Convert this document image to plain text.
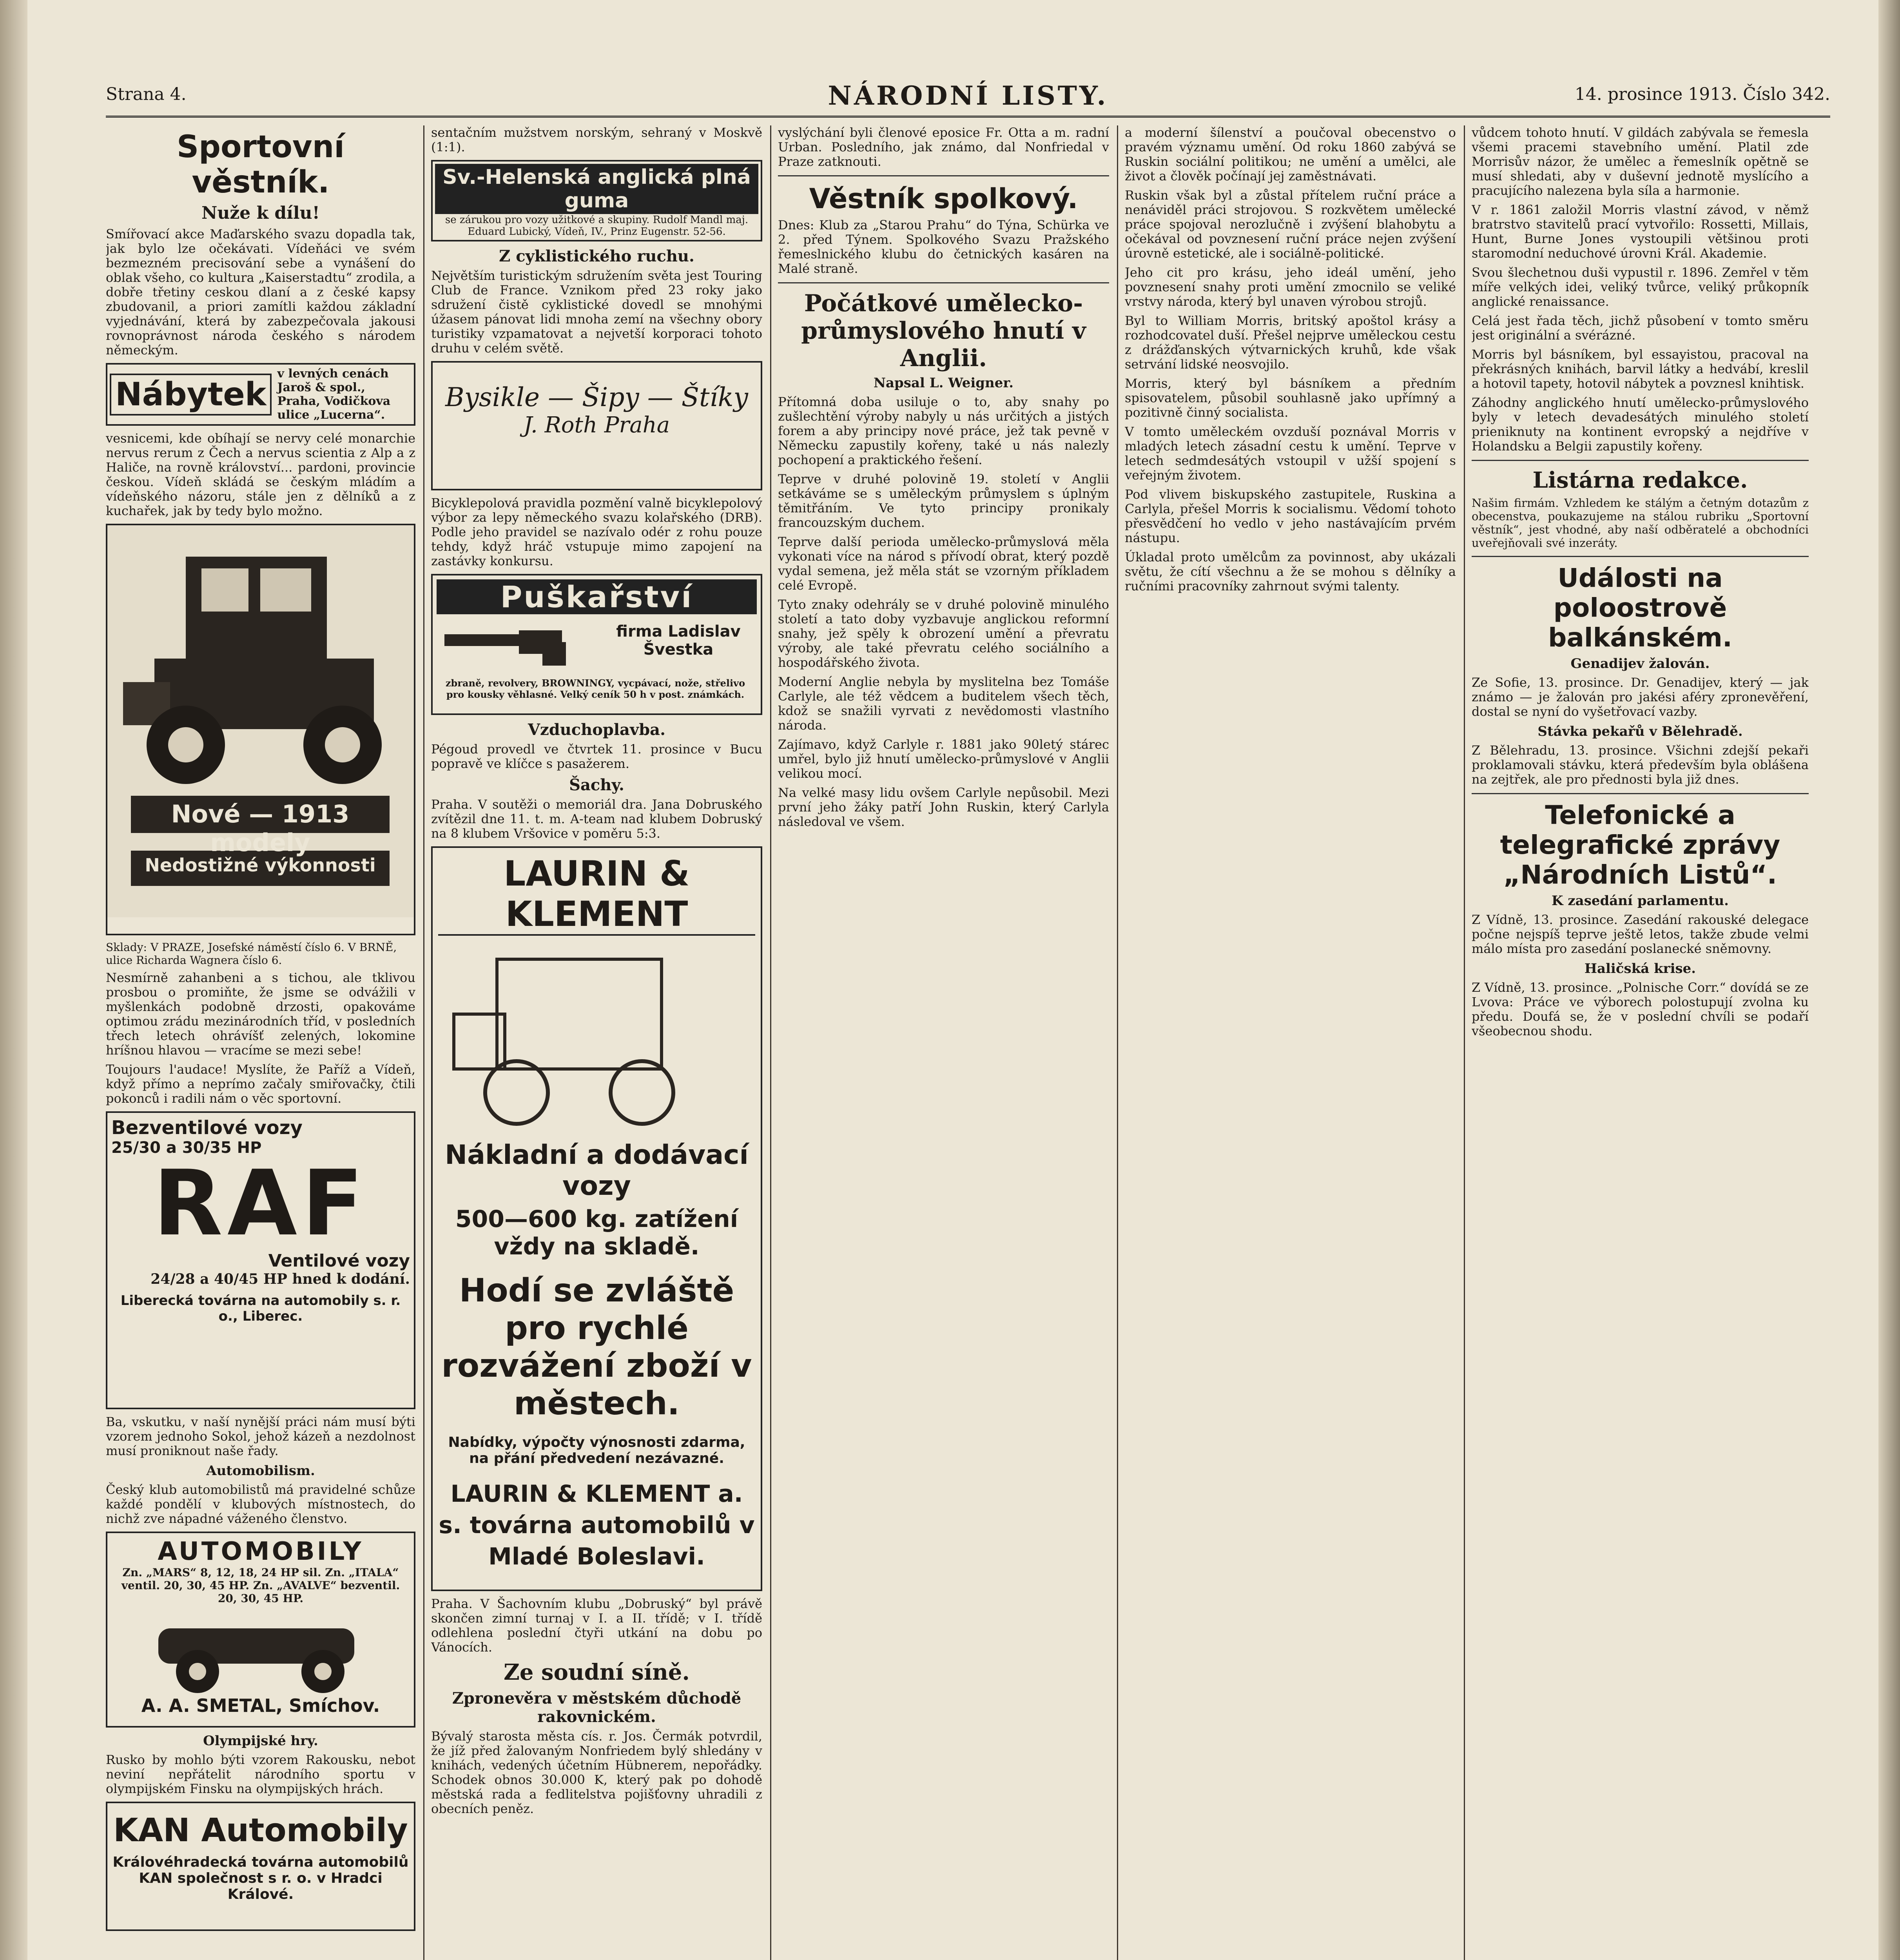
Strana 4.	NÁRODNÍ LISTY.	14. prosince 1913. Číslo 342.
Sportovní věstník.
Nuže k dílu!

Smířovací akce Maďarského svazu dopadla tak, jak bylo lze očekávati. Vídeňáci ve svém bezmezném precisování sebe a vynášení do oblak všeho, co kultura „Kaiserstadtu“ zrodila, a dobře třetiny ceskou dlaní a z české kapsy zbudovanil, a priori zamítli každou základní vyjednávání, která by zabezpečovala jakousi rovnoprávnost národa českého s národem německým.

Nábytek
v levných cenách Jaroš & spol., Praha, Vodičkova ulice „Lucerna“.

vesnicemi, kde obíhají se nervy celé monarchie nervus rerum z Čech a nervus scientia z Alp a z Haliče, na rovně království... pardoni, provincie českou. Vídeň skládá se českým mládím a vídeňského názoru, stále jen z dělníků a z kuchařek, jak by tedy bylo možno.

Nové — 1913 modely
Nedostižné výkonnosti
Sklady: V PRAZE, Josefské náměstí číslo 6. V BRNĚ, ulice Richarda Wagnera číslo 6.

Nesmírně zahanbeni a s tichou, ale tklivou prosbou o promiňte, že jsme se odvážili v myšlenkách podobně drzosti, opakováme optimou zrádu mezinárodních tříd, v posledních třech letech ohrávíšť zelených, lokomine hríšnou hlavou — vracíme se mezi sebe!

Toujours l'audace! Myslíte, že Paříž a Vídeň, když přímo a neprímo začaly smiřovačky, čtili pokonců i radili nám o věc sportovní.

Bezventilové vozy
25/30 a 30/35 HP
RAF
Ventilové vozy
24/28 a 40/45 HP hned k dodání.
Liberecká továrna na automobily s. r. o., Liberec.

Ba, vskutku, v naší nynější práci nám musí býti vzorem jednoho Sokol, jehož kázeň a nezdolnost musí proniknout naše řady.

Automobilism.

Český klub automobilistů má pravidelné schůze každé pondělí v klubových místnostech, do nichž zve nápadné váženého členstvo.

AUTOMOBILY
Zn. „MARS“ 8, 12, 18, 24 HP sil. Zn. „ITALA“ ventil. 20, 30, 45 HP. Zn. „AVALVE“ bezventil. 20, 30, 45 HP.
A. A. SMETAL, Smíchov.
Olympijské hry.

Rusko by mohlo býti vzorem Rakousku, nebot neviní nepřátelit národního sportu v olympijském Finsku na olympijských hrách.

KAN Automobily
Královéhradecká továrna automobilů KAN společnost s r. o. v Hradci Králové.

sentačním mužstvem norským, sehraný v Moskvě (1:1).

Sv.-Helenská anglická plná guma
se zárukou pro vozy užitkové a skupiny. Rudolf Mandl maj. Eduard Lubický, Vídeň, IV., Prinz Eugenstr. 52-56.
Z cyklistického ruchu.

Největším turistickým sdružením světa jest Touring Club de France. Vznikom před 23 roky jako sdružení čistě cyklistické dovedl se mnohými úžasem pánovat lidi mnoha zemí na všechny obory turistiky vzpamatovat a nejvetší korporaci tohoto druhu v celém světě.

Bysikle — Šipy — Štíky
J. Roth Praha

Bicyklepolová pravidla pozmění valně bicyklepolový výbor za lepy německého svazu kolařského (DRB). Podle jeho pravidel se nazívalo odér z rohu pouze tehdy, když hráč vstupuje mimo zapojení na zastávky konkursu.

Puškařství
firma Ladislav Švestka
zbraně, revolvery, BROWNINGY, vycpávací, nože, střelivo pro kousky věhlasné. Velký ceník 50 h v post. známkách.
Vzduchoplavba.

Pégoud provedl ve čtvrtek 11. prosince v Bucu popravě ve klíčce s pasažerem.

Šachy.

Praha. V soutěži o memoriál dra. Jana Dobruského zvítězil dne 11. t. m. A-team nad klubem Dobruský na 8 klubem Vršovice v poměru 5:3.

LAURIN & KLEMENT
Nákladní a dodávací vozy
500—600 kg. zatížení vždy na skladě.
Hodí se zvláště pro rychlé rozvážení zboží v městech.
Nabídky, výpočty výnosnosti zdarma, na přání předvedení nezávazné.
LAURIN & KLEMENT a. s. továrna automobilů v Mladé Boleslavi.

Praha. V Šachovním klubu „Dobruský“ byl právě skončen zimní turnaj v I. a II. třídě; v I. třídě odlehlena poslední čtyři utkání na dobu po Vánocích.

Ze soudní síně.
Zpronevěra v městském důchodě rakovnickém.

Bývalý starosta města cís. r. Jos. Čermák potvrdil, že jíž před žalovaným Nonfriedem bylý shledány v knihách, vedených účetním Hübnerem, nepořádky. Schodek obnos 30.000 K, který pak po dohodě městská rada a fedlitelstva pojišťovny uhradili z obecních peněz.

vyslýchání byli členové eposice Fr. Otta a m. radní Urban. Posledního, jak známo, dal Nonfriedal v Praze zatknouti.

Věstník spolkový.

Dnes: Klub za „Starou Prahu“ do Týna, Schürka ve 2. před Týnem. Spolkového Svazu Pražského řemeslnického klubu do četnických kasáren na Malé straně.

Počátkové umělecko-průmyslového hnutí v Anglii.
Napsal L. Weigner.

Přítomná doba usiluje o to, aby snahy po zušlechtění výroby nabyly u nás určitých a jistých forem a aby principy nové práce, jež tak pevně v Německu zapustily kořeny, také u nás nalezly pochopení a praktického řešení.

Teprve v druhé polovině 19. století v Anglii setkáváme se s uměleckým průmyslem s úplným těmitřáním. Ve tyto principy pronikaly francouzským duchem.

Teprve další perioda umělecko-průmyslová měla vykonati více na národ s přívodí obrat, který pozdě vydal semena, jež měla stát se vzorným příkladem celé Evropě.

Tyto znaky odehrály se v druhé polovině minulého století a tato doby vyzbavuje anglickou reformní snahy, jež spěly k obrození umění a převratu výroby, ale také převratu celého sociálního a hospodářského života.

Moderní Anglie nebyla by myslitelna bez Tomáše Carlyle, ale též vědcem a buditelem všech těch, kdož se snažili vyrvati z nevědomosti vlastního národa.

Zajímavo, když Carlyle r. 1881 jako 90letý stárec umřel, bylo již hnutí umělecko-průmyslové v Anglii velikou mocí.

Na velké masy lidu ovšem Carlyle nepůsobil. Mezi první jeho žáky patří John Ruskin, který Carlyla následoval ve všem.

a moderní šílenství a poučoval obecenstvo o pravém významu umění. Od roku 1860 zabývá se Ruskin sociální politikou; ne umění a umělci, ale život a člověk počínají jej zaměstnávati.

Ruskin však byl a zůstal přítelem ruční práce a nenáviděl práci strojovou. S rozkvětem umělecké práce spojoval nerozlučně i zvýšení blahobytu a očekával od povznesení ruční práce nejen zvýšení úrovně estetické, ale i sociálně-politické.

Jeho cit pro krásu, jeho ideál umění, jeho povznesení snahy proti umění zmocnilo se veliké vrstvy národa, který byl unaven výrobou strojů.

Byl to William Morris, britský apoštol krásy a rozhodcovatel duší. Přešel nejprve uměleckou cestu z drážďanských výtvarnických kruhů, kde však setrvání lidské neosvojilo.

Morris, který byl básníkem a předním spisovatelem, působil souhlasně jako upřímný a pozitivně činný socialista.

V tomto uměleckém ovzduší poznával Morris v mladých letech zásadní cestu k umění. Teprve v letech sedmdesátých vstoupil v užší spojení s veřejným životem.

Pod vlivem biskupského zastupitele, Ruskina a Carlyla, přešel Morris k socialismu. Vědomí tohoto přesvědčení ho vedlo v jeho nastávajícím prvém nástupu.

Úkladal proto umělcům za povinnost, aby ukázali světu, že cítí všechnu a že se mohou s dělníky a ručními pracovníky zahrnout svými talenty.

vůdcem tohoto hnutí. V gildách zabývala se řemesla všemi pracemi stavebního umění. Platil zde Morrisův názor, že umělec a řemeslník opětně se musí shledati, aby v duševní jednotě myslícího a pracujícího nalezena byla síla a harmonie.

V r. 1861 založil Morris vlastní závod, v němž bratrstvo stavitelů prací vytvořilo: Rossetti, Millais, Hunt, Burne Jones vystoupili většinou proti staromodní neduchové úrovni Král. Akademie.

Svou šlechetnou duši vypustil r. 1896. Zemřel v těm míře velkých idei, veliký tvůrce, veliký průkopník anglické renaissance.

Celá jest řada těch, jichž působení v tomto směru jest originální a svérázné.

Morris byl básníkem, byl essayistou, pracoval na překrásných knihách, barvil látky a hedvábí, kreslil a hotovil tapety, hotovil nábytek a povznesl knihtisk.

Záhodny anglického hnutí umělecko-průmyslového byly v letech devadesátých minulého století prieniknuty na kontinent evropský a nejdříve v Holandsku a Belgii zapustily kořeny.

Listárna redakce.

Našim firmám. Vzhledem ke stálým a četným dotazům z obecenstva, poukazujeme na stálou rubriku „Sportovní věstník“, jest vhodné, aby naší odběratelé a obchodníci uveřejňovali své inzeráty.

Události na poloostrově balkánském.
Genadijev žalován.

Ze Sofie, 13. prosince. Dr. Genadijev, který — jak známo — je žalován pro jakési aféry zpronevěření, dostal se nyní do vyšetřovací vazby.

Stávka pekařů v Bělehradě.

Z Bělehradu, 13. prosince. Všichni zdejší pekaři proklamovali stávku, která především byla oblášena na zejtřek, ale pro přednosti byla již dnes.

Telefonické a telegrafické zprávy „Národních Listů“.
K zasedání parlamentu.

Z Vídně, 13. prosince. Zasedání rakouské delegace počne nejspíš teprve ještě letos, takže zbude velmi málo místa pro zasedání poslanecké sněmovny.

Haličská krise.

Z Vídně, 13. prosince. „Polnische Corr.“ dovídá se ze Lvova: Práce ve výborech polostupují zvolna ku předu. Doufá se, že v poslední chvíli se podaří všeobecnou shodu.
